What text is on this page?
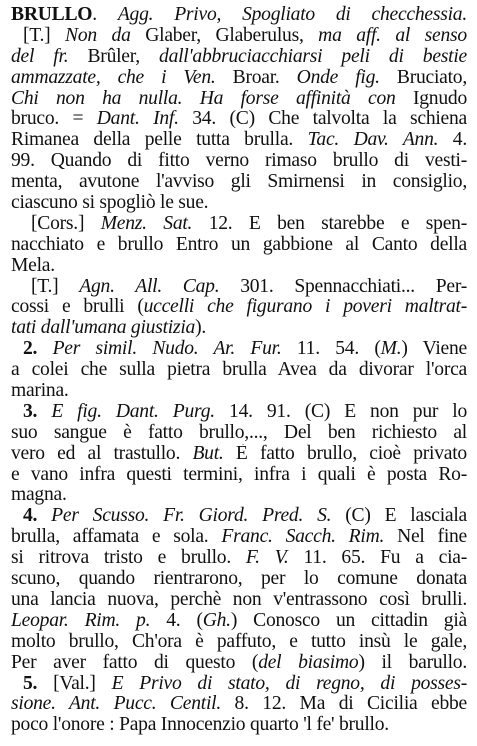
BRULLO. Agg. Privo, Spogliato di checchessia.
[T.] Non da Glaber, Glaberulus, ma aff. al senso
del fr. Brûler, dall'abbruciacchiarsi peli di bestie
ammazzate, che i Ven. Broar. Onde fig. Bruciato,
Chi non ha nulla. Ha forse affinità con Ignudo
bruco. = Dant. Inf. 34. (C) Che talvolta la schiena
Rimanea della pelle tutta brulla. Tac. Dav. Ann. 4.
99. Quando di fitto verno rimaso brullo di vesti-
menta, avutone l'avviso gli Smirnensi in consiglio,
ciascuno si spogliò le sue.
[Cors.] Menz. Sat. 12. E ben starebbe e spen-
nacchiato e brullo Entro un gabbione al Canto della
Mela.
[T.] Agn. All. Cap. 301. Spennacchiati... Per-
cossi e brulli (uccelli che figurano i poveri maltrat-
tati dall'umana giustizia).
2. Per simil. Nudo. Ar. Fur. 11. 54. (M.) Viene
a colei che sulla pietra brulla Avea da divorar l'orca
marina.
3. E fig. Dant. Purg. 14. 91. (C) E non pur lo
suo sangue è fatto brullo,..., Del ben richiesto al
vero ed al trastullo. But. È fatto brullo, cioè privato
e vano infra questi termini, infra i quali è posta Ro-
magna.
4. Per Scusso. Fr. Giord. Pred. S. (C) E lasciala
brulla, affamata e sola. Franc. Sacch. Rim. Nel fine
si ritrova tristo e brullo. F. V. 11. 65. Fu a cia-
scuno, quando rientrarono, per lo comune donata
una lancia nuova, perchè non v'entrassono così brulli.
Leopar. Rim. p. 4. (Gh.) Conosco un cittadin già
molto brullo, Ch'ora è paffuto, e tutto insù le gale,
Per aver fatto di questo (del biasimo) il barullo.
5. [Val.] E Privo di stato, di regno, di posses-
sione. Ant. Pucc. Centil. 8. 12. Ma di Cicilia ebbe
poco l'onore : Papa Innocenzio quarto 'l fe' brullo.
